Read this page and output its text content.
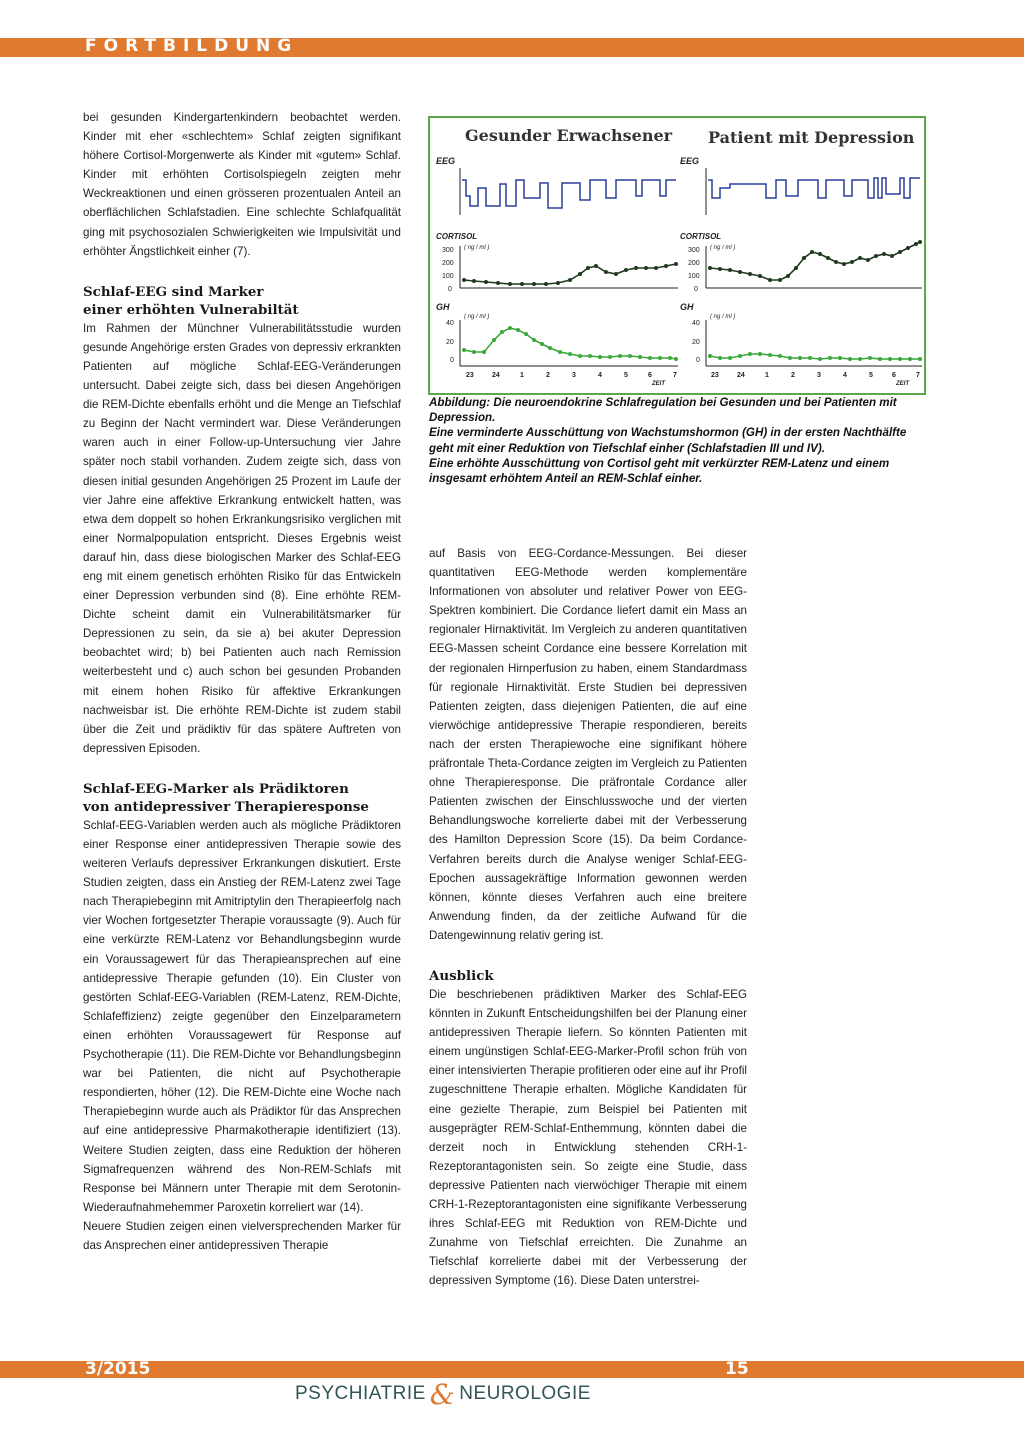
FORTBILDUNG

bei gesunden Kindergartenkindern beobachtet werden. Kinder mit eher «schlechtem» Schlaf zeigten signifikant höhere Cortisol-Morgenwerte als Kinder mit «gutem» Schlaf. Kinder mit erhöhten Cortisolspiegeln zeigten mehr Weckreaktionen und einen grösseren prozentualen Anteil an oberflächlichen Schlafstadien. Eine schlechte Schlafqualität ging mit psychosozialen Schwierigkeiten wie Impulsivität und erhöhter Ängstlichkeit einher (7).

Schlaf-EEG sind Marker
einer erhöhten Vulnerabiltät

Im Rahmen der Münchner Vulnerabilitätsstudie wurden gesunde Angehörige ersten Grades von depressiv erkrankten Patienten auf mögliche Schlaf-EEG-Veränderungen untersucht. Dabei zeigte sich, dass bei diesen Angehörigen die REM-Dichte ebenfalls erhöht und die Menge an Tiefschlaf zu Beginn der Nacht vermindert war. Diese Veränderungen waren auch in einer Follow-up-Untersuchung vier Jahre später noch stabil vorhanden. Zudem zeigte sich, dass von diesen initial gesunden Angehörigen 25 Prozent im Laufe der vier Jahre eine affektive Erkrankung entwickelt hatten, was etwa dem doppelt so hohen Erkrankungsrisiko verglichen mit einer Normalpopulation entspricht. Dieses Ergebnis weist darauf hin, dass diese biologischen Marker des Schlaf-EEG eng mit einem genetisch erhöhten Risiko für das Entwickeln einer Depression verbunden sind (8). Eine erhöhte REM-Dichte scheint damit ein Vulnerabilitätsmarker für Depressionen zu sein, da sie a) bei akuter Depression beobachtet wird; b) bei Patienten auch nach Remission weiterbesteht und c) auch schon bei gesunden Probanden mit einem hohen Risiko für affektive Erkrankungen nachweisbar ist. Die erhöhte REM-Dichte ist zudem stabil über die Zeit und prädiktiv für das spätere Auftreten von depressiven Episoden.

Schlaf-EEG-Marker als Prädiktoren
von antidepressiver Therapieresponse

Schlaf-EEG-Variablen werden auch als mögliche Prädiktoren einer Response einer antidepressiven Therapie sowie des weiteren Verlaufs depressiver Erkrankungen diskutiert. Erste Studien zeigten, dass ein Anstieg der REM-Latenz zwei Tage nach Therapiebeginn mit Amitriptylin den Therapieerfolg nach vier Wochen fortgesetzter Therapie voraussagte (9). Auch für eine verkürzte REM-Latenz vor Behandlungsbeginn wurde ein Voraussagewert für das Therapieansprechen auf eine antidepressive Therapie gefunden (10). Ein Cluster von gestörten Schlaf-EEG-Variablen (REM-Latenz, REM-Dichte, Schlafeffizienz) zeigte gegenüber den Einzelparametern einen erhöhten Voraussagewert für Response auf Psychotherapie (11). Die REM-Dichte vor Behandlungsbeginn war bei Patienten, die nicht auf Psychotherapie respondierten, höher (12). Die REM-Dichte eine Woche nach Therapiebeginn wurde auch als Prädiktor für das Ansprechen auf eine antidepressive Pharmakotherapie identifiziert (13). Weitere Studien zeigten, dass eine Reduktion der höheren Sigmafrequenzen während des Non-REM-Schlafs mit Response bei Männern unter Therapie mit dem Serotonin-Wiederaufnahmehemmer Paroxetin korreliert war (14).

Neuere Studien zeigen einen vielversprechenden Marker für das Ansprechen einer antidepressiven Therapie

Gesunder Erwachsener Patient mit Depression
EEG
CORTISOL
( ng / ml )
GH
( ng / ml )
EEG
CORTISOL
( ng / ml )
GH
( ng / ml )
300
200
100
0
300
200
100
0
40
20
0
40
20
0
23	24	1	2	3	4	5	6	7
ZEIT
23	24	1	2	3	4	5	6	7
ZEIT

Abbildung: Die neuroendokrine Schlafregulation bei Gesunden und bei Patienten mit Depression.

Eine verminderte Ausschüttung von Wachstumshormon (GH) in der ersten Nachthälfte geht mit einer Reduktion von Tiefschlaf einher (Schlafstadien III und IV).

Eine erhöhte Ausschüttung von Cortisol geht mit verkürzter REM-Latenz und einem insgesamt erhöhtem Anteil an REM-Schlaf einher.

auf Basis von EEG-Cordance-Messungen. Bei dieser quantitativen EEG-Methode werden komplementäre Informationen von absoluter und relativer Power von EEG-Spektren kombiniert. Die Cordance liefert damit ein Mass an regionaler Hirnaktivität. Im Vergleich zu anderen quantitativen EEG-Massen scheint Cordance eine bessere Korrelation mit der regionalen Hirnperfusion zu haben, einem Standardmass für regionale Hirnaktivität. Erste Studien bei depressiven Patienten zeigten, dass diejenigen Patienten, die auf eine vierwöchige antidepressive Therapie respondieren, bereits nach der ersten Therapiewoche eine signifikant höhere präfrontale Theta-Cordance zeigten im Vergleich zu Patienten ohne Therapieresponse. Die präfrontale Cordance aller Patienten zwischen der Einschlusswoche und der vierten Behandlungswoche korrelierte dabei mit der Verbesserung des Hamilton Depression Score (15). Da beim Cordance-Verfahren bereits durch die Analyse weniger Schlaf-EEG-Epochen aussagekräftige Information gewonnen werden können, könnte dieses Verfahren auch eine breitere Anwendung finden, da der zeitliche Aufwand für die Datengewinnung relativ gering ist.

Ausblick

Die beschriebenen prädiktiven Marker des Schlaf-EEG könnten in Zukunft Entscheidungshilfen bei der Planung einer antidepressiven Therapie liefern. So könnten Patienten mit einem ungünstigen Schlaf-EEG-Marker-Profil schon früh von einer intensivierten Therapie profitieren oder eine auf ihr Profil zugeschnittene Therapie erhalten. Mögliche Kandidaten für eine gezielte Therapie, zum Beispiel bei Patienten mit ausgeprägter REM-Schlaf-Enthemmung, könnten dabei die derzeit noch in Entwicklung stehenden CRH-1-Rezeptorantagonisten sein. So zeigte eine Studie, dass depressive Patienten nach vierwöchiger Therapie mit einem CRH-1-Rezeptorantagonisten eine signifikante Verbesserung ihres Schlaf-EEG mit Reduktion von REM-Dichte und Zunahme von Tiefschlaf erreichten. Die Zunahme an Tiefschlaf korrelierte dabei mit der Verbesserung der depressiven Symptome (16). Diese Daten unterstrei-

3/2015	15
PSYCHIATRIE & NEUROLOGIE
